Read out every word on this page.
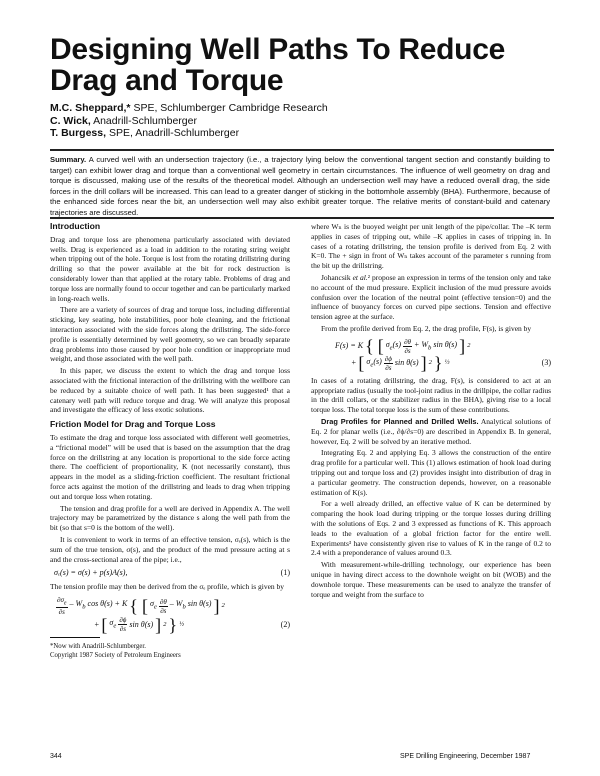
Designing Well Paths To Reduce Drag and Torque
M.C. Sheppard,* SPE, Schlumberger Cambridge Research
C. Wick, Anadrill-Schlumberger
T. Burgess, SPE, Anadrill-Schlumberger
Summary. A curved well with an undersection trajectory (i.e., a trajectory lying below the conventional tangent section and constantly building to target) can exhibit lower drag and torque than a conventional well geometry in certain circumstances. The influence of well geometry on drag and torque is discussed, making use of the results of the theoretical model. Although an undersection well may have a reduced overall drag, the side forces in the drill collars will be increased. This can lead to a greater danger of sticking in the bottomhole assembly (BHA). Furthermore, because of the enhanced side forces near the bit, an undersection well may also exhibit greater torque. The relative merits of constant-build and catenary trajectories are discussed.
Introduction

Drag and torque loss are phenomena particularly associated with deviated wells. Drag is experienced as a load in addition to the rotating string weight when tripping out of the hole. Torque is lost from the rotating drillstring during drilling so that the power available at the bit for rock destruction is considerably lower than that applied at the rotary table. Problems of drag and torque loss are normally found to occur together and can be particularly marked in long-reach wells.

There are a variety of sources of drag and torque loss, including differential sticking, key seating, hole instabilities, poor hole cleaning, and the frictional interaction associated with the side forces along the drillstring. The side-force profile is essentially determined by well geometry, so we can broadly separate drag problems into those caused by poor hole condition or inappropriate mud weight, and those associated with the well path.

In this paper, we discuss the extent to which the drag and torque loss associated with the frictional interaction of the drillstring with the wellbore can be reduced by a suitable choice of well path. It has been suggested¹ that a catenary well path will reduce torque and drag. We will analyze this proposal and investigate the efficacy of less exotic solutions.

Friction Model for Drag and Torque Loss

To estimate the drag and torque loss associated with different well geometries, a “frictional model” will be used that is based on the assumption that the drag force on the drillstring at any location is proportional to the side force acting there. The coefficient of proportionality, K (not necessarily constant), thus appears in the model as a sliding-friction coefficient. The resultant frictional force acts against the motion of the drillstring and leads to drag when tripping out and torque loss when rotating.

The tension and drag profile for a well are derived in Appendix A. The well trajectory may be parametrized by the distance s along the well path from the bit (so that s=0 is the bottom of the well).

It is convenient to work in terms of an effective tension, σₑ(s), which is the sum of the true tension, σ(s), and the product of the mud pressure acting at s and the cross-sectional area of the pipe; i.e.,

σₑ(s) = σ(s) + p(s)A(s),	(1)

The tension profile may then be derived from the σₑ profile, which is given by

$\frac{\partial\sigma_e}{\partial s} - W_b$ cos θ(s) + K { [ $\sigma_e \frac{\partial\theta}{\partial s} - W_b$ sin θ(s) ] 2
+ [ $\sigma_e \frac{\partial\phi}{\partial s}$ sin θ(s) ] 2 } ½	(2)
*Now with Anadrill-Schlumberger.
Copyright 1987 Society of Petroleum Engineers

where Wₙ is the buoyed weight per unit length of the pipe/collar. The –K term applies in cases of tripping out, while –K applies in cases of tripping in. In cases of a rotating drillstring, the tension profile is derived from Eq. 2 with K=0. The + sign in front of Wₙ takes account of the parameter s running from the bit up the drillstring.

Johancsik et al.² propose an expression in terms of the tension only and take no account of the mud pressure. Explicit inclusion of the mud pressure avoids confusion over the location of the neutral point (effective tension=0) and the influence of buoyancy forces on curved pipe sections. Tension and effective tension agree at the surface.

From the profile derived from Eq. 2, the drag profile, F(s), is given by

F(s) = K { [ $\sigma_e(s) \frac{\partial\theta}{\partial s} + W_b$ sin θ(s) ] 2
+ [ $\sigma_e(s) \frac{\partial\phi}{\partial s}$ sin θ(s) ] 2 } ½	(3)

In cases of a rotating drillstring, the drag, F(s), is considered to act at an appropriate radius (usually the tool-joint radius in the drillpipe, the collar radius in the drill collars, or the stabilizer radius in the BHA), giving rise to a local torque loss. The total torque loss is the sum of these contributions.

Drag Profiles for Planned and Drilled Wells. Analytical solutions of Eq. 2 for planar wells (i.e., ∂ϕ/∂s=0) are described in Appendix B. In general, however, Eq. 2 will be solved by an iterative method.

Integrating Eq. 2 and applying Eq. 3 allows the construction of the entire drag profile for a particular well. This (1) allows estimation of hook load during tripping out and torque loss and (2) provides insight into distribution of drag in a particular geometry. The construction depends, however, on a reasonable estimation of K(s).

For a well already drilled, an effective value of K can be determined by comparing the hook load during tripping or the torque losses during drilling with the solutions of Eqs. 2 and 3 expressed as functions of K. This approach leads to the evaluation of a global friction factor for the entire well. Experiments³ have consistently given rise to values of K in the range of 0.2 to 2.4 with a preponderance of values around 0.3.

With measurement-while-drilling technology, our experience has been unique in having direct access to the downhole weight on bit (WOB) and the downhole torque. These measurements can be used to analyze the transfer of torque and weight from the surface to

344	SPE Drilling Engineering, December 1987
